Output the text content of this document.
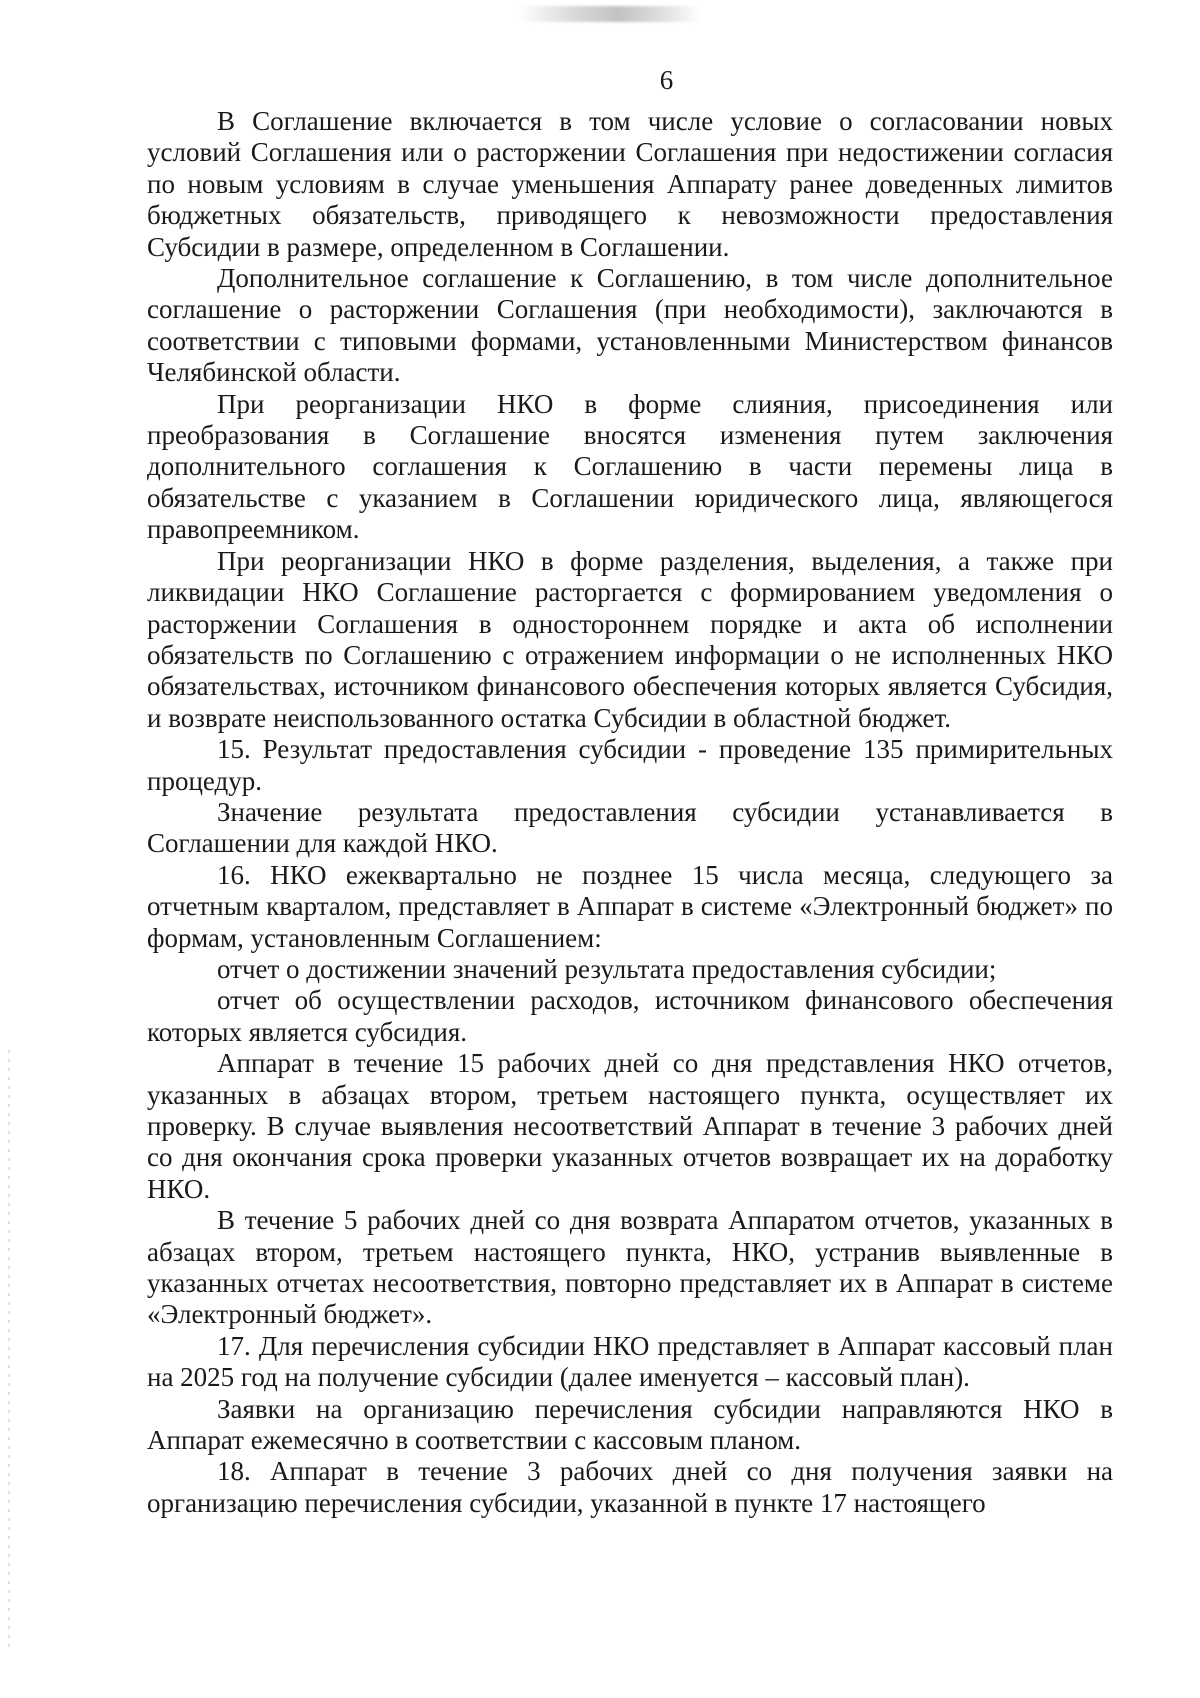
6

В Соглашение включается в том числе условие о согласовании новых условий Соглашения или о расторжении Соглашения при недостижении согласия по новым условиям в случае уменьшения Аппарату ранее доведенных лимитов бюджетных обязательств, приводящего к невозможности предоставления Субсидии в размере, определенном в Соглашении.

Дополнительное соглашение к Соглашению, в том числе дополнительное соглашение о расторжении Соглашения (при необходимости), заключаются в соответствии с типовыми формами, установленными Министерством финансов Челябинской области.

При реорганизации НКО в форме слияния, присоединения или преобразования в Соглашение вносятся изменения путем заключения дополнительного соглашения к Соглашению в части перемены лица в обязательстве с указанием в Соглашении юридического лица, являющегося правопреемником.

При реорганизации НКО в форме разделения, выделения, а также при ликвидации НКО Соглашение расторгается с формированием уведомления о расторжении Соглашения в одностороннем порядке и акта об исполнении обязательств по Соглашению с отражением информации о не исполненных НКО обязательствах, источником финансового обеспечения которых является Субсидия, и возврате неиспользованного остатка Субсидии в областной бюджет.

15. Результат предоставления субсидии - проведение 135 примирительных процедур.

Значение результата предоставления субсидии устанавливается в Соглашении для каждой НКО.

16. НКО ежеквартально не позднее 15 числа месяца, следующего за отчетным кварталом, представляет в Аппарат в системе «Электронный бюджет» по формам, установленным Соглашением:

отчет о достижении значений результата предоставления субсидии;

отчет об осуществлении расходов, источником финансового обеспечения которых является субсидия.

Аппарат в течение 15 рабочих дней со дня представления НКО отчетов, указанных в абзацах втором, третьем настоящего пункта, осуществляет их проверку. В случае выявления несоответствий Аппарат в течение 3 рабочих дней со дня окончания срока проверки указанных отчетов возвращает их на доработку НКО.

В течение 5 рабочих дней со дня возврата Аппаратом отчетов, указанных в абзацах втором, третьем настоящего пункта, НКО, устранив выявленные в указанных отчетах несоответствия, повторно представляет их в Аппарат в системе «Электронный бюджет».

17. Для перечисления субсидии НКО представляет в Аппарат кассовый план на 2025 год на получение субсидии (далее именуется – кассовый план).

Заявки на организацию перечисления субсидии направляются НКО в Аппарат ежемесячно в соответствии с кассовым планом.

18. Аппарат в течение 3 рабочих дней со дня получения заявки на организацию перечисления субсидии, указанной в пункте 17 настоящего
